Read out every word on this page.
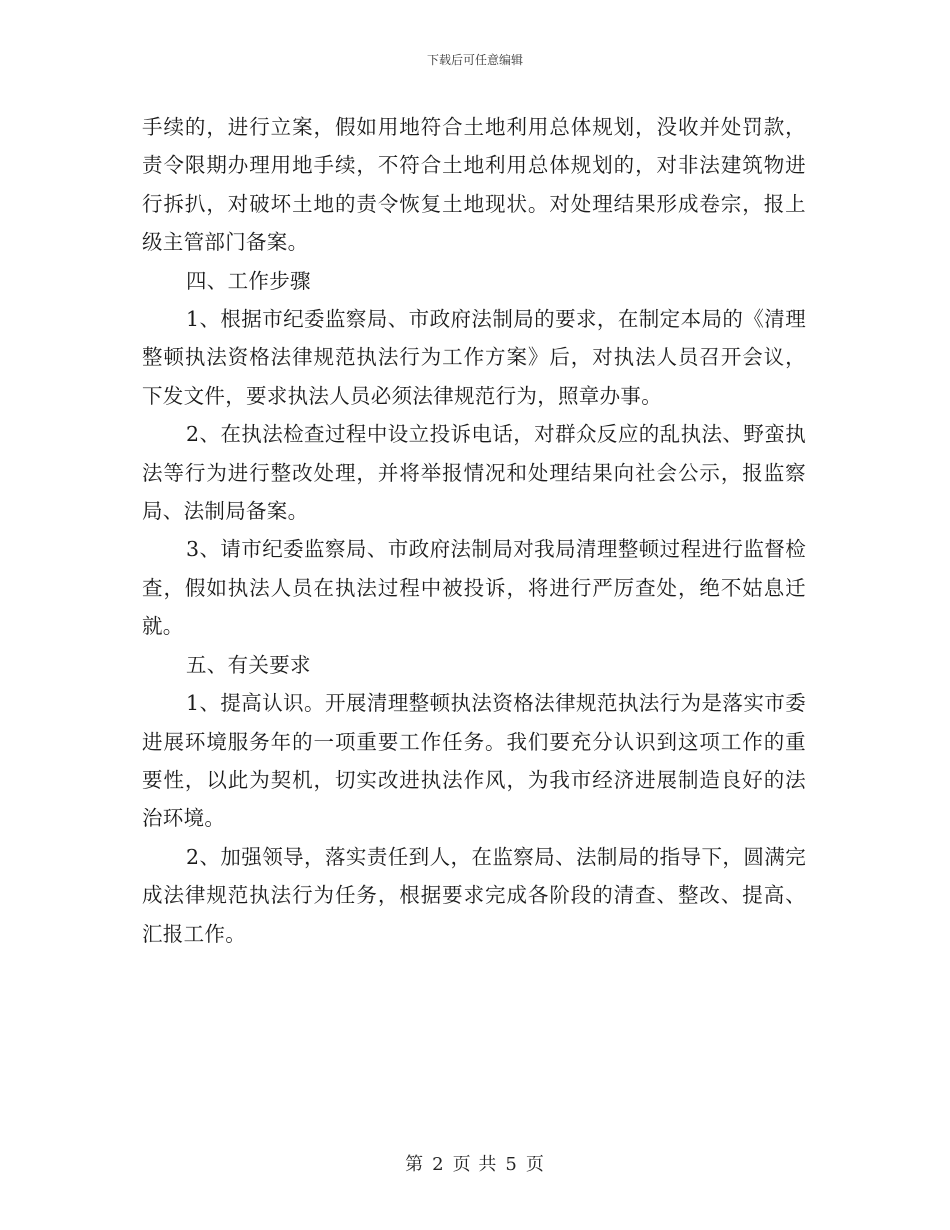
下载后可任意编辑

手续的，进行立案，假如用地符合土地利用总体规划，没收并处罚款，责令限期办理用地手续，不符合土地利用总体规划的，对非法建筑物进行拆扒，对破坏土地的责令恢复土地现状。对处理结果形成卷宗，报上级主管部门备案。

四、工作步骤

1、根据市纪委监察局、市政府法制局的要求，在制定本局的《清理整顿执法资格法律规范执法行为工作方案》后，对执法人员召开会议，下发文件，要求执法人员必须法律规范行为，照章办事。

2、在执法检查过程中设立投诉电话，对群众反应的乱执法、野蛮执法等行为进行整改处理，并将举报情况和处理结果向社会公示，报监察局、法制局备案。

3、请市纪委监察局、市政府法制局对我局清理整顿过程进行监督检查，假如执法人员在执法过程中被投诉，将进行严厉查处，绝不姑息迁就。

五、有关要求

1、提高认识。开展清理整顿执法资格法律规范执法行为是落实市委进展环境服务年的一项重要工作任务。我们要充分认识到这项工作的重要性，以此为契机，切实改进执法作风，为我市经济进展制造良好的法治环境。

2、加强领导，落实责任到人，在监察局、法制局的指导下，圆满完成法律规范执法行为任务，根据要求完成各阶段的清查、整改、提高、汇报工作。

第 2 页 共 5 页
